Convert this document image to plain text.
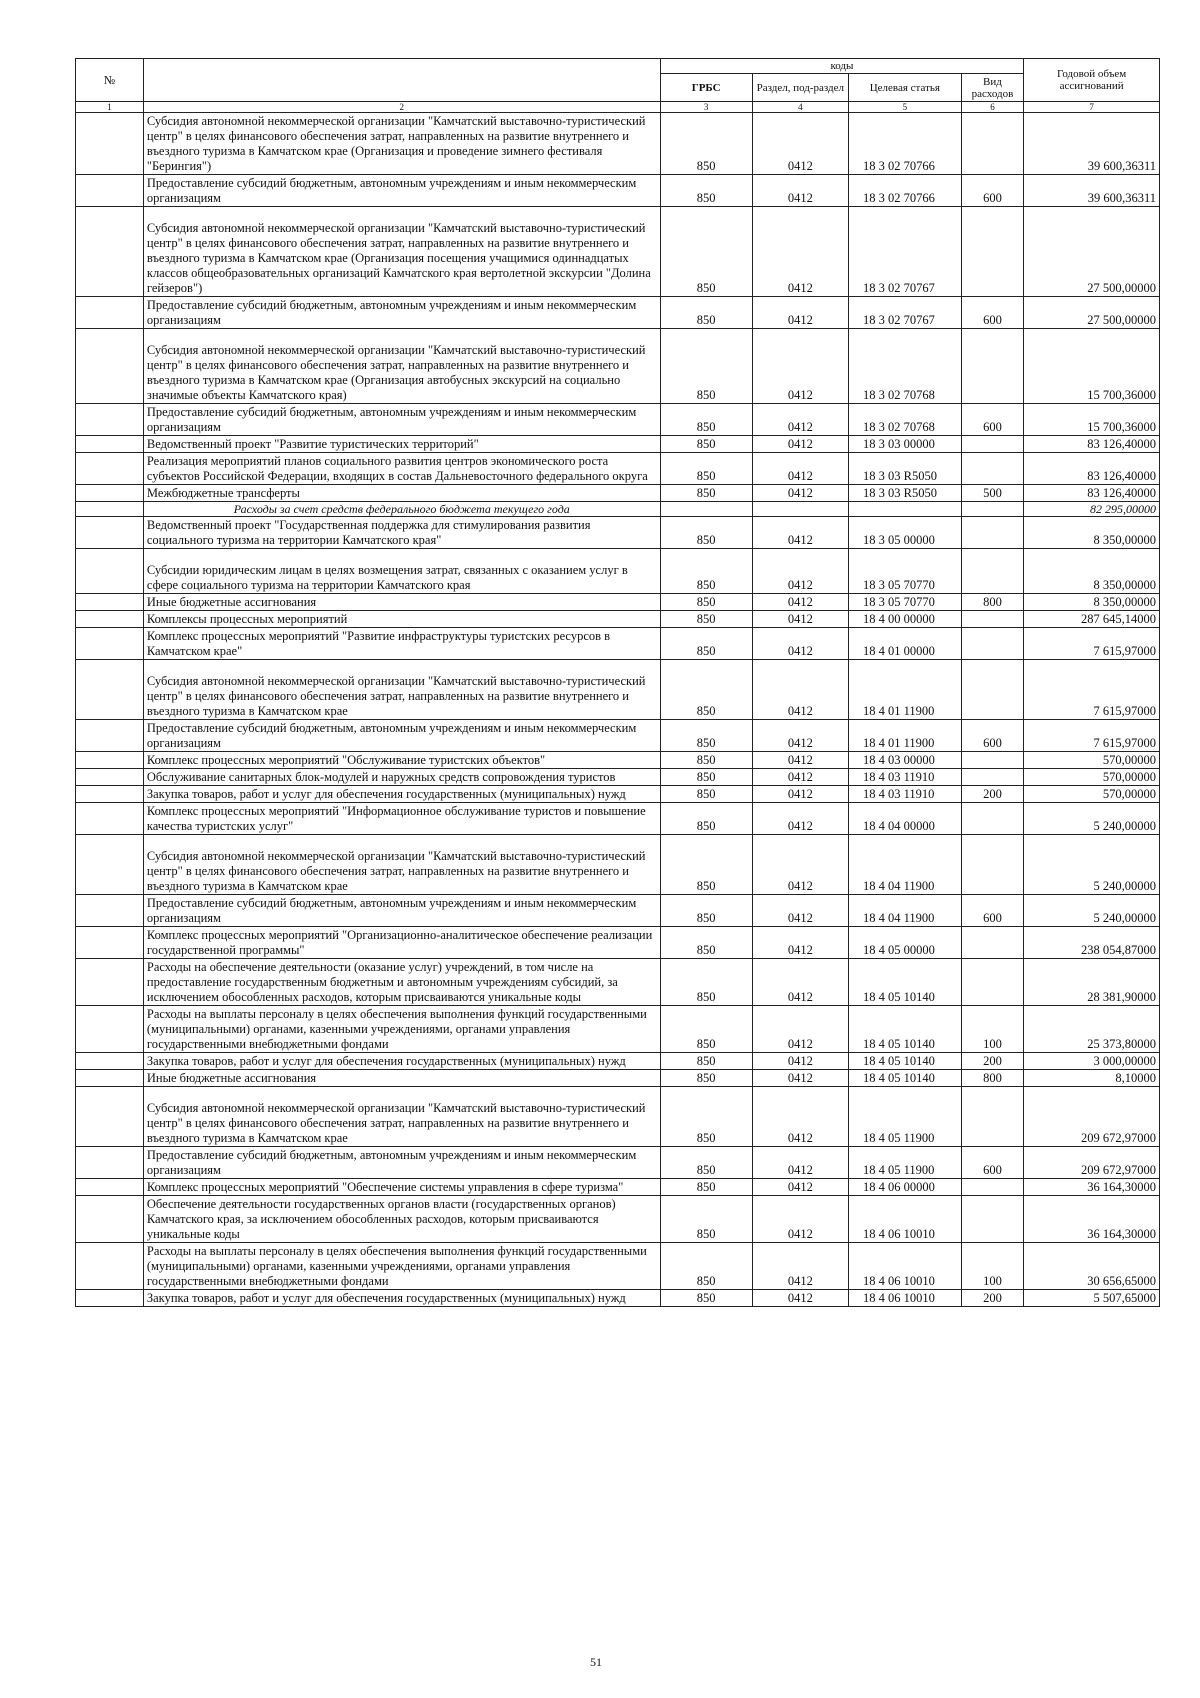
№		коды				Годовой объем ассигнований
		ГРБС	Раздел, под-раздел	Целевая статья	Вид расходов	
1	2	3	4	5	6	7
	Субсидия автономной некоммерческой организации "Камчатский выставочно-туристический центр" в целях финансового обеспечения затрат, направленных на развитие внутреннего и въездного туризма в Камчатском крае (Организация и проведение зимнего фестиваля "Берингия")	850	0412	18 3 02 70766		39 600,36311
	Предоставление субсидий бюджетным, автономным учреждениям и иным некоммерческим организациям	850	0412	18 3 02 70766	600	39 600,36311
	Субсидия автономной некоммерческой организации "Камчатский выставочно-туристический центр" в целях финансового обеспечения затрат, направленных на развитие внутреннего и въездного туризма в Камчатском крае (Организация посещения учащимися одиннадцатых классов общеобразовательных организаций Камчатского края вертолетной экскурсии "Долина гейзеров")	850	0412	18 3 02 70767		27 500,00000
	Предоставление субсидий бюджетным, автономным учреждениям и иным некоммерческим организациям	850	0412	18 3 02 70767	600	27 500,00000
	Субсидия автономной некоммерческой организации "Камчатский выставочно-туристический центр" в целях финансового обеспечения затрат, направленных на развитие внутреннего и въездного туризма в Камчатском крае (Организация автобусных экскурсий на социально значимые объекты Камчатского края)	850	0412	18 3 02 70768		15 700,36000
	Предоставление субсидий бюджетным, автономным учреждениям и иным некоммерческим организациям	850	0412	18 3 02 70768	600	15 700,36000
	Ведомственный проект "Развитие туристических территорий"	850	0412	18 3 03 00000		83 126,40000
	Реализация мероприятий планов социального развития центров экономического роста субъектов Российской Федерации, входящих в состав Дальневосточного федерального округа	850	0412	18 3 03 R5050		83 126,40000
	Межбюджетные трансферты	850	0412	18 3 03 R5050	500	83 126,40000
	Расходы за счет средств федерального бюджета текущего года					82 295,00000
	Ведомственный проект "Государственная поддержка для стимулирования развития социального туризма на территории Камчатского края"	850	0412	18 3 05 00000		8 350,00000
	Субсидии юридическим лицам в целях возмещения затрат, связанных с оказанием услуг в сфере социального туризма на территории Камчатского края	850	0412	18 3 05 70770		8 350,00000
	Иные бюджетные ассигнования	850	0412	18 3 05 70770	800	8 350,00000
	Комплексы процессных мероприятий	850	0412	18 4 00 00000		287 645,14000
	Комплекс процессных мероприятий "Развитие инфраструктуры туристских ресурсов в Камчатском крае"	850	0412	18 4 01 00000		7 615,97000
	Субсидия автономной некоммерческой организации "Камчатский выставочно-туристический центр" в целях финансового обеспечения затрат, направленных на развитие внутреннего и въездного туризма в Камчатском крае	850	0412	18 4 01 11900		7 615,97000
	Предоставление субсидий бюджетным, автономным учреждениям и иным некоммерческим организациям	850	0412	18 4 01 11900	600	7 615,97000
	Комплекс процессных мероприятий "Обслуживание туристских объектов"	850	0412	18 4 03 00000		570,00000
	Обслуживание санитарных блок-модулей и наружных средств сопровождения туристов	850	0412	18 4 03 11910		570,00000
	Закупка товаров, работ и услуг для обеспечения государственных (муниципальных) нужд	850	0412	18 4 03 11910	200	570,00000
	Комплекс процессных мероприятий "Информационное обслуживание туристов и повышение качества туристских услуг"	850	0412	18 4 04 00000		5 240,00000
	Субсидия автономной некоммерческой организации "Камчатский выставочно-туристический центр" в целях финансового обеспечения затрат, направленных на развитие внутреннего и въездного туризма в Камчатском крае	850	0412	18 4 04 11900		5 240,00000
	Предоставление субсидий бюджетным, автономным учреждениям и иным некоммерческим организациям	850	0412	18 4 04 11900	600	5 240,00000
	Комплекс процессных мероприятий "Организационно-аналитическое обеспечение реализации государственной программы"	850	0412	18 4 05 00000		238 054,87000
	Расходы на обеспечение деятельности (оказание услуг) учреждений, в том числе на предоставление государственным бюджетным и автономным учреждениям субсидий, за исключением обособленных расходов, которым присваиваются уникальные коды	850	0412	18 4 05 10140		28 381,90000
	Расходы на выплаты персоналу в целях обеспечения выполнения функций государственными (муниципальными) органами, казенными учреждениями, органами управления государственными внебюджетными фондами	850	0412	18 4 05 10140	100	25 373,80000
	Закупка товаров, работ и услуг для обеспечения государственных (муниципальных) нужд	850	0412	18 4 05 10140	200	3 000,00000
	Иные бюджетные ассигнования	850	0412	18 4 05 10140	800	8,10000
	Субсидия автономной некоммерческой организации "Камчатский выставочно-туристический центр" в целях финансового обеспечения затрат, направленных на развитие внутреннего и въездного туризма в Камчатском крае	850	0412	18 4 05 11900		209 672,97000
	Предоставление субсидий бюджетным, автономным учреждениям и иным некоммерческим организациям	850	0412	18 4 05 11900	600	209 672,97000
	Комплекс процессных мероприятий "Обеспечение системы управления в сфере туризма"	850	0412	18 4 06 00000		36 164,30000
	Обеспечение деятельности государственных органов власти (государственных органов) Камчатского края, за исключением обособленных расходов, которым присваиваются уникальные коды	850	0412	18 4 06 10010		36 164,30000
	Расходы на выплаты персоналу в целях обеспечения выполнения функций государственными (муниципальными) органами, казенными учреждениями, органами управления государственными внебюджетными фондами	850	0412	18 4 06 10010	100	30 656,65000
	Закупка товаров, работ и услуг для обеспечения государственных (муниципальных) нужд	850	0412	18 4 06 10010	200	5 507,65000
51
